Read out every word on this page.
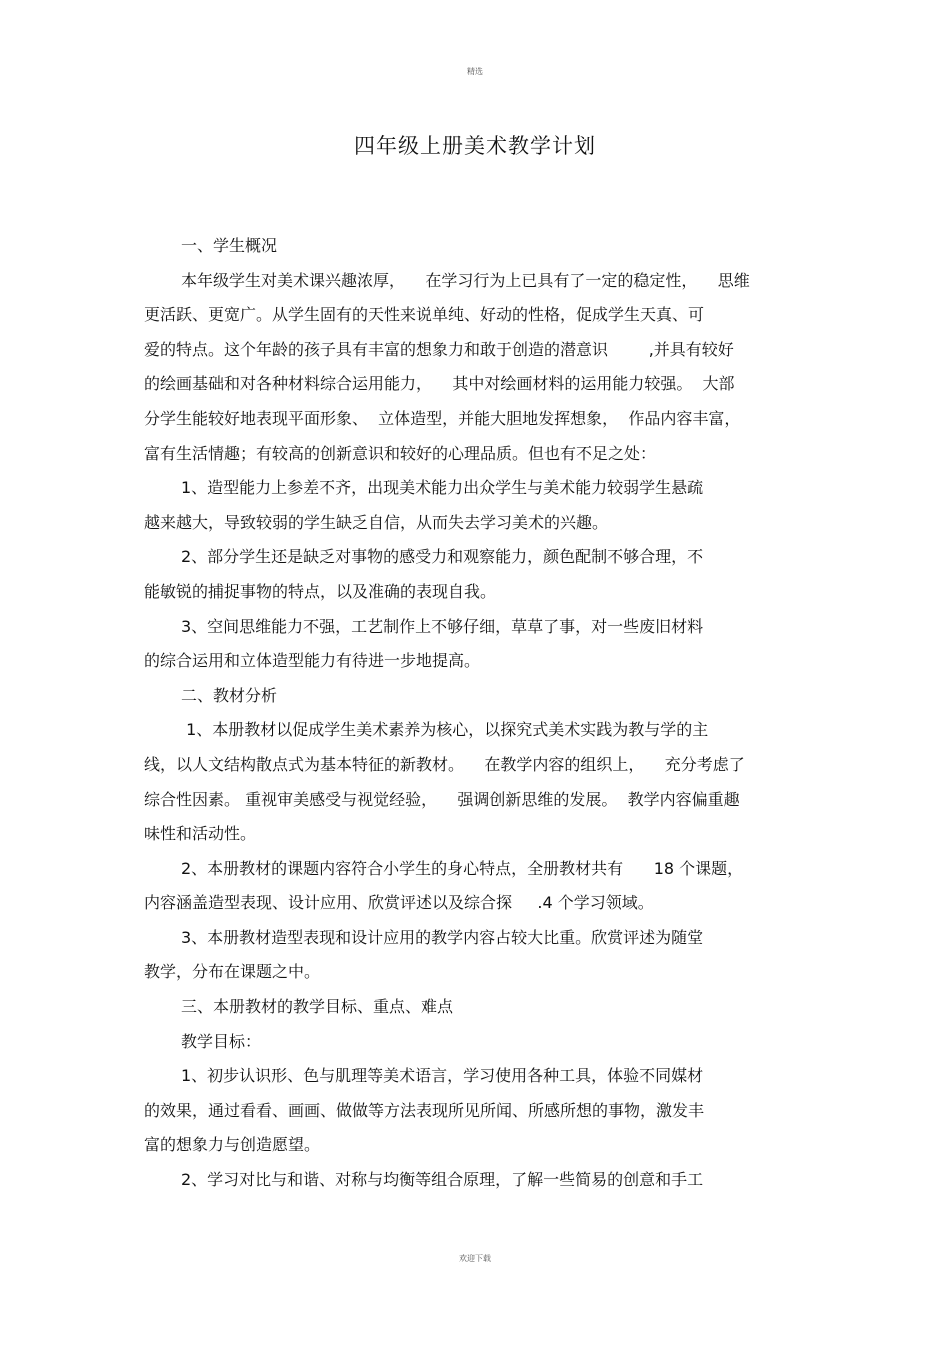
精选
四年级上册美术教学计划
一、学生概况
本年级学生对美术课兴趣浓厚，    在学习行为上已具有了一定的稳定性，    思维
更活跃、更宽广。从学生固有的天性来说单纯、好动的性格，促成学生天真、可
爱的特点。这个年龄的孩子具有丰富的想象力和敢于创造的潜意识        ,并具有较好
的绘画基础和对各种材料综合运用能力，    其中对绘画材料的运用能力较强。  大部
分学生能较好地表现平面形象、  立体造型，并能大胆地发挥想象，  作品内容丰富，
富有生活情趣；有较高的创新意识和较好的心理品质。但也有不足之处：
1、造型能力上参差不齐，出现美术能力出众学生与美术能力较弱学生悬疏
越来越大，导致较弱的学生缺乏自信，从而失去学习美术的兴趣。
2、部分学生还是缺乏对事物的感受力和观察能力，颜色配制不够合理，不
能敏锐的捕捉事物的特点，以及准确的表现自我。
3、空间思维能力不强，工艺制作上不够仔细，草草了事，对一些废旧材料
的综合运用和立体造型能力有待进一步地提高。
二、教材分析
1、本册教材以促成学生美术素养为核心，以探究式美术实践为教与学的主
线，以人文结构散点式为基本特征的新教材。    在教学内容的组织上，    充分考虑了
综合性因素。 重视审美感受与视觉经验，    强调创新思维的发展。  教学内容偏重趣
味性和活动性。
2、本册教材的课题内容符合小学生的身心特点，全册教材共有      18 个课题，
内容涵盖造型表现、设计应用、欣赏评述以及综合探     .4 个学习领域。
3、本册教材造型表现和设计应用的教学内容占较大比重。欣赏评述为随堂
教学，分布在课题之中。
三、本册教材的教学目标、重点、难点
教学目标：
1、初步认识形、色与肌理等美术语言，学习使用各种工具，体验不同媒材
的效果，通过看看、画画、做做等方法表现所见所闻、所感所想的事物，激发丰
富的想象力与创造愿望。
2、学习对比与和谐、对称与均衡等组合原理，了解一些简易的创意和手工
欢迎下载
